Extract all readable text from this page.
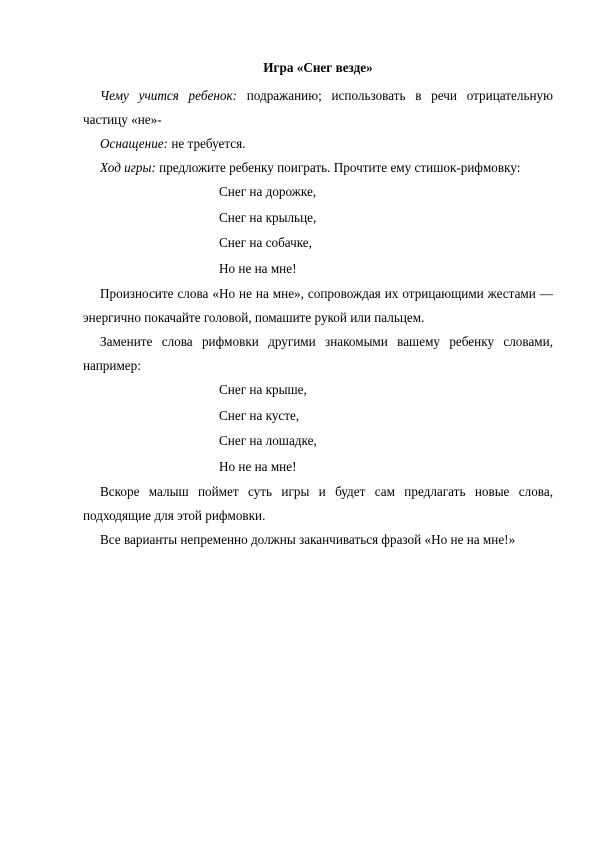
Игра «Снег везде»

Чему учится ребенок: подражанию; использовать в речи отрицательную частицу «не»-

Оснащение: не требуется.

Ход игры: предложите ребенку поиграть. Прочтите ему стишок-рифмовку:

Снег на дорожке,
Снег на крыльце,
Снег на собачке,
Но не на мне!

Произносите слова «Но не на мне», сопровождая их отрицающими жестами — энергично покачайте головой, помашите рукой или пальцем.

Замените слова рифмовки другими знакомыми вашему ребенку словами, например:

Снег на крыше,
Снег на кусте,
Снег на лошадке,
Но не на мне!

Вскоре малыш поймет суть игры и будет сам предлагать новые слова, подходящие для этой рифмовки.

Все варианты непременно должны заканчиваться фразой «Но не на мне!»
